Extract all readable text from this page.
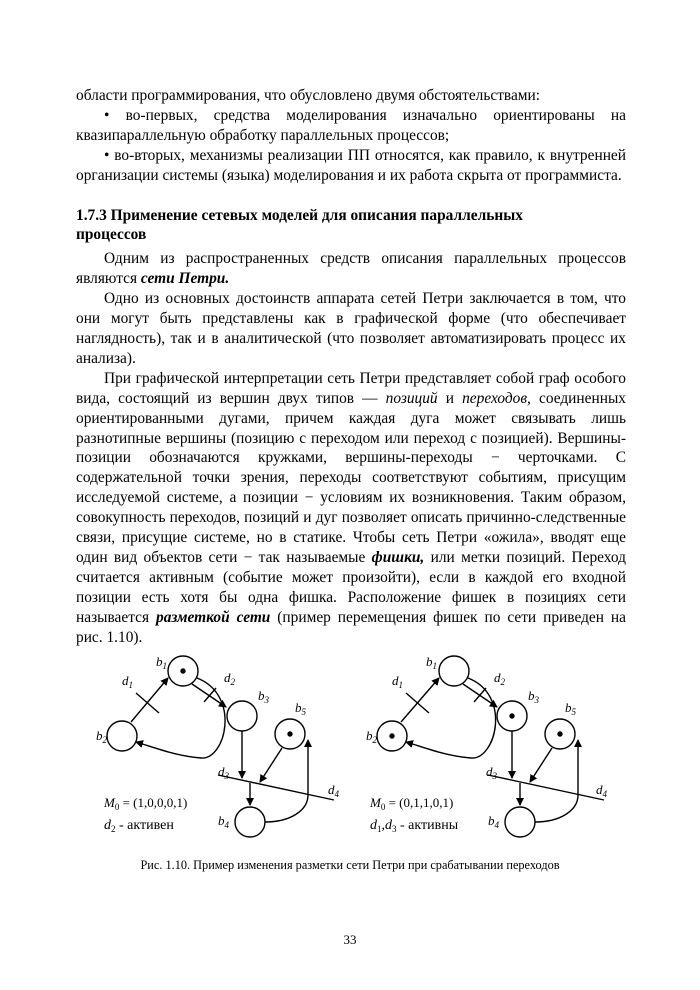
области программирования, что обусловлено двумя обстоятельствами:

• во-первых, средства моделирования изначально ориентированы на квазипараллельную обработку параллельных процессов;

• во-вторых, механизмы реализации ПП относятся, как правило, к внутренней организации системы (языка) моделирования и их работа скрыта от программиста.

1.7.3 Применение сетевых моделей для описания параллельных процессов

Одним из распространенных средств описания параллельных процессов являются сети Петри.

Одно из основных достоинств аппарата сетей Петри заключается в том, что они могут быть представлены как в графической форме (что обеспечивает наглядность), так и в аналитической (что позволяет автоматизировать процесс их анализа).

При графической интерпретации сеть Петри представляет собой граф особого вида, состоящий из вершин двух типов — позиций и переходов, соединенных ориентированными дугами, причем каждая дуга может связывать лишь разнотипные вершины (позицию с переходом или переход с позицией). Вершины-позиции обозначаются кружками, вершины-переходы − черточками. С содержательной точки зрения, переходы соответствуют событиям, присущим исследуемой системе, а позиции − условиям их возникновения. Таким образом, совокупность переходов, позиций и дуг позволяет описать причинно-следственные связи, присущие системе, но в статике. Чтобы сеть Петри «ожила», вводят еще один вид объектов сети − так называемые фишки, или метки позиций. Переход считается активным (событие может произойти), если в каждой его входной позиции есть хотя бы одна фишка. Расположение фишек в позициях сети называется разметкой сети (пример перемещения фишек по сети приведен на рис. 1.10).

$b_1$
$b_2$
$b_3$
$b_4$
$b_5$
$d_1$	$d_2$
$d_3$
$d_4$
$M_0 = (1,0,0,0,1)$
$d_2$ - активен
$b_1$
$b_2$
$b_3$
$b_4$
$b_5$
$d_1$	$d_2$
$d_3$
$d_4$
$M_0 = (0,1,1,0,1)$
$d_1,d_3$ - активны
Рис. 1.10. Пример изменения разметки сети Петри при срабатывании переходов
33
